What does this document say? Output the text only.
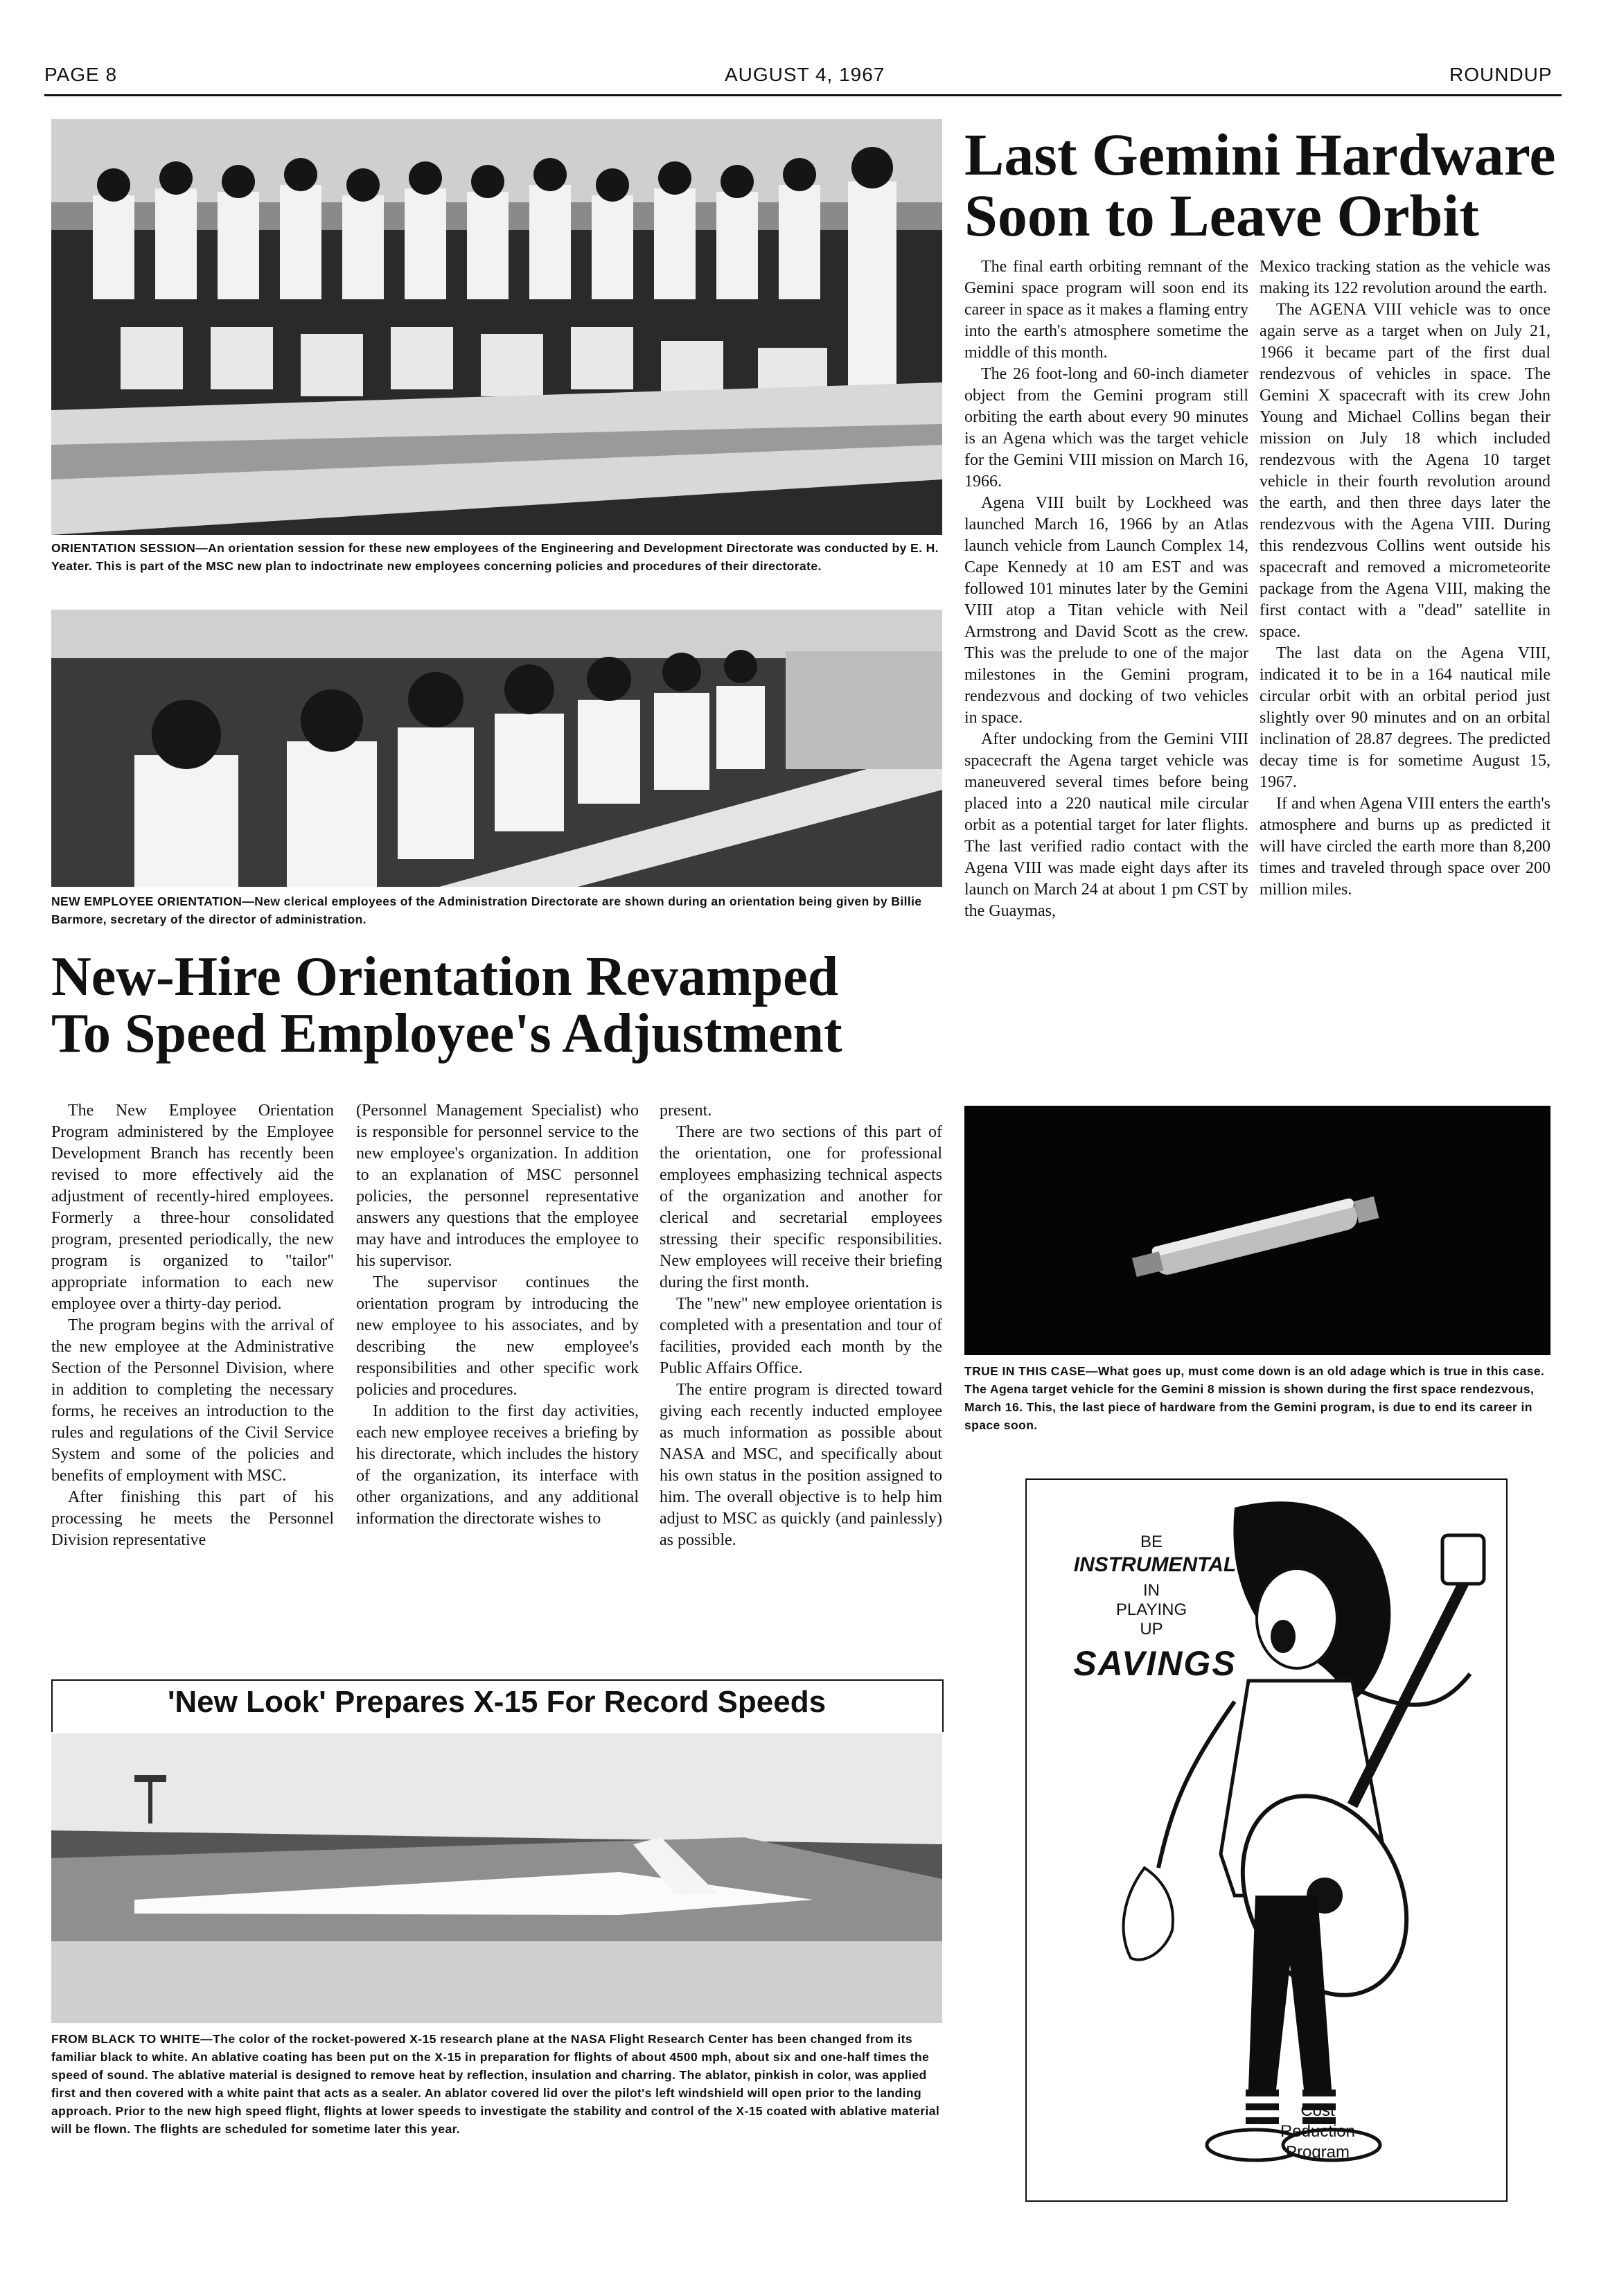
PAGE 8	AUGUST 4, 1967	ROUNDUP
ORIENTATION SESSION—An orientation session for these new employees of the Engineering and Development Directorate was conducted by E. H. Yeater. This is part of the MSC new plan to indoctrinate new employees concerning policies and procedures of their directorate.
NEW EMPLOYEE ORIENTATION—New clerical employees of the Administration Directorate are shown during an orientation being given by Billie Barmore, secretary of the director of administration.
New-Hire Orientation Revamped
To Speed Employee's Adjustment

The New Employee Orientation Program administered by the Employee Development Branch has recently been revised to more effectively aid the adjustment of recently-hired employees. Formerly a three-hour consolidated program, presented periodically, the new program is organized to "tailor" appropriate information to each new employee over a thirty-day period.

The program begins with the arrival of the new employee at the Administrative Section of the Personnel Division, where in addition to completing the necessary forms, he receives an introduction to the rules and regulations of the Civil Service System and some of the policies and benefits of employment with MSC.

After finishing this part of his processing he meets the Personnel Division representative

(Personnel Management Specialist) who is responsible for personnel service to the new employee's organization. In addition to an explanation of MSC personnel policies, the personnel representative answers any questions that the employee may have and introduces the employee to his supervisor.

The supervisor continues the orientation program by introducing the new employee to his associates, and by describing the new employee's responsibilities and other specific work policies and procedures.

In addition to the first day activities, each new employee receives a briefing by his directorate, which includes the history of the organization, its interface with other organizations, and any additional information the directorate wishes to

present.

There are two sections of this part of the orientation, one for professional employees emphasizing technical aspects of the organization and another for clerical and secretarial employees stressing their specific responsibilities. New employees will receive their briefing during the first month.

The "new" new employee orientation is completed with a presentation and tour of facilities, provided each month by the Public Affairs Office.

The entire program is directed toward giving each recently inducted employee as much information as possible about NASA and MSC, and specifically about his own status in the position assigned to him. The overall objective is to help him adjust to MSC as quickly (and painlessly) as possible.

Last Gemini Hardware
Soon to Leave Orbit

The final earth orbiting remnant of the Gemini space program will soon end its career in space as it makes a flaming entry into the earth's atmosphere sometime the middle of this month.

The 26 foot-long and 60-inch diameter object from the Gemini program still orbiting the earth about every 90 minutes is an Agena which was the target vehicle for the Gemini VIII mission on March 16, 1966.

Agena VIII built by Lockheed was launched March 16, 1966 by an Atlas launch vehicle from Launch Complex 14, Cape Kennedy at 10 am EST and was followed 101 minutes later by the Gemini VIII atop a Titan vehicle with Neil Armstrong and David Scott as the crew. This was the prelude to one of the major milestones in the Gemini program, rendezvous and docking of two vehicles in space.

After undocking from the Gemini VIII spacecraft the Agena target vehicle was maneuvered several times before being placed into a 220 nautical mile circular orbit as a potential target for later flights. The last verified radio contact with the Agena VIII was made eight days after its launch on March 24 at about 1 pm CST by the Guaymas,

Mexico tracking station as the vehicle was making its 122 revolution around the earth.

The AGENA VIII vehicle was to once again serve as a target when on July 21, 1966 it became part of the first dual rendezvous of vehicles in space. The Gemini X spacecraft with its crew John Young and Michael Collins began their mission on July 18 which included rendezvous with the Agena 10 target vehicle in their fourth revolution around the earth, and then three days later the rendezvous with the Agena VIII. During this rendezvous Collins went outside his spacecraft and removed a micrometeorite package from the Agena VIII, making the first contact with a "dead" satellite in space.

The last data on the Agena VIII, indicated it to be in a 164 nautical mile circular orbit with an orbital period just slightly over 90 minutes and on an orbital inclination of 28.87 degrees. The predicted decay time is for sometime August 15, 1967.

If and when Agena VIII enters the earth's atmosphere and burns up as predicted it will have circled the earth more than 8,200 times and traveled through space over 200 million miles.

TRUE IN THIS CASE—What goes up, must come down is an old adage which is true in this case. The Agena target vehicle for the Gemini 8 mission is shown during the first space rendezvous, March 16. This, the last piece of hardware from the Gemini program, is due to end its career in space soon.
'New Look' Prepares X-15 For Record Speeds
FROM BLACK TO WHITE—The color of the rocket-powered X-15 research plane at the NASA Flight Research Center has been changed from its familiar black to white. An ablative coating has been put on the X-15 in preparation for flights of about 4500 mph, about six and one-half times the speed of sound. The ablative material is designed to remove heat by reflection, insulation and charring. The ablator, pinkish in color, was applied first and then covered with a white paint that acts as a sealer. An ablator covered lid over the pilot's left windshield will open prior to the landing approach. Prior to the new high speed flight, flights at lower speeds to investigate the stability and control of the X-15 coated with ablative material will be flown. The flights are scheduled for sometime later this year.
BE
INSTRUMENTAL
IN
PLAYING
UP
SAVINGS
Cost
Reduction
Program
